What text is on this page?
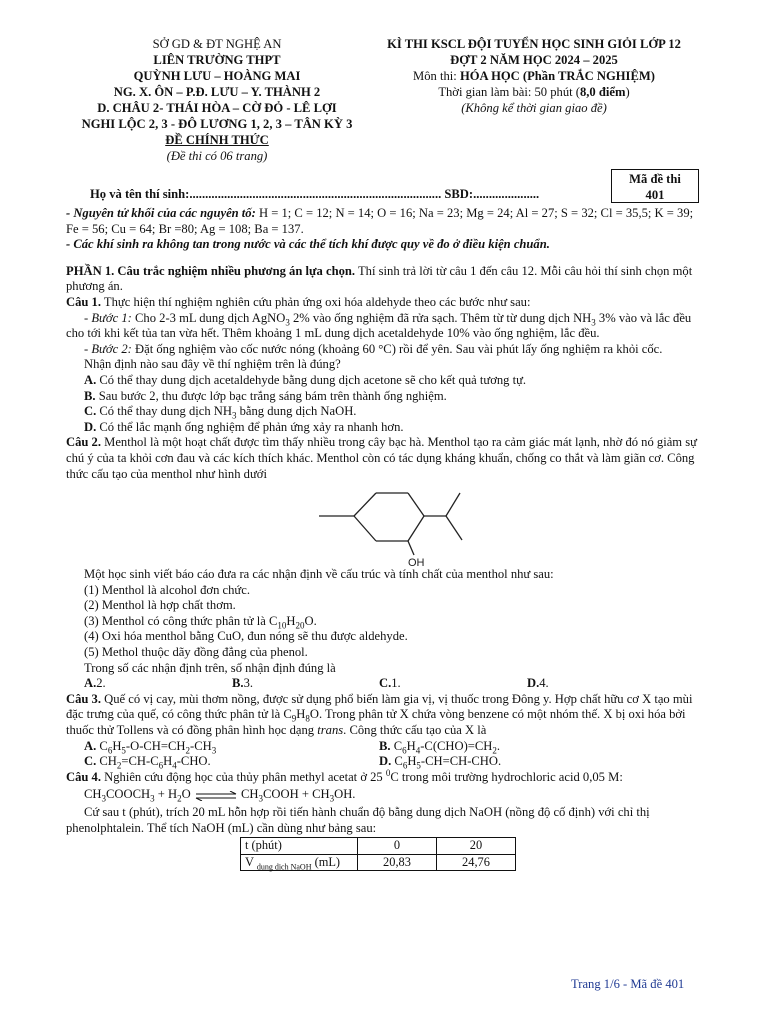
SỞ GD & ĐT NGHỆ AN
LIÊN TRƯỜNG THPT
QUỲNH LƯU – HOÀNG MAI
NG. X. ÔN – P.Đ. LƯU – Y. THÀNH 2
D. CHÂU 2- THÁI HÒA – CỜ ĐỎ - LÊ LỢI
NGHI LỘC 2, 3 - ĐÔ LƯƠNG 1, 2, 3 – TÂN KỲ 3
ĐỀ CHÍNH THỨC
(Đề thi có 06 trang)
KÌ THI KSCL ĐỘI TUYỂN HỌC SINH GIỎI LỚP 12
ĐỢT 2 NĂM HỌC 2024 – 2025
Môn thi: HÓA HỌC (Phần TRẮC NGHIỆM)
Thời gian làm bài: 50 phút (8,0 điểm)
(Không kể thời gian giao đề)
Mã đề thi
401
Họ và tên thí sinh:................................................................................ SBD:.....................

- Nguyên tử khối của các nguyên tố: H = 1; C = 12; N = 14; O = 16; Na = 23; Mg = 24; Al = 27; S = 32; Cl = 35,5; K = 39; Fe = 56; Cu = 64; Br =80; Ag = 108; Ba = 137.

- Các khí sinh ra không tan trong nước và các thể tích khí được quy về đo ở điều kiện chuẩn.

PHẦN 1. Câu trắc nghiệm nhiều phương án lựa chọn. Thí sinh trả lời từ câu 1 đến câu 12. Mỗi câu hỏi thí sinh chọn một phương án.

Câu 1. Thực hiện thí nghiệm nghiên cứu phản ứng oxi hóa aldehyde theo các bước như sau:

- Bước 1: Cho 2-3 mL dung dịch AgNO$_3$ 2% vào ống nghiệm đã rửa sạch. Thêm từ từ dung dịch $NH_3$ 3% vào và lắc đều cho tới khi kết tủa tan vừa hết. Thêm khoảng 1 mL dung dịch acetaldehyde 10% vào ống nghiệm, lắc đều.

- Bước 2: Đặt ống nghiệm vào cốc nước nóng (khoảng 60 °C) rồi để yên. Sau vài phút lấy ống nghiệm ra khỏi cốc.

Nhận định nào sau đây về thí nghiệm trên là đúng?

A. Có thể thay dung dịch acetaldehyde bằng dung dịch acetone sẽ cho kết quả tương tự.

B. Sau bước 2, thu được lớp bạc trắng sáng bám trên thành ống nghiệm.

C. Có thể thay dung dịch $NH_3$ bằng dung dịch NaOH.

D. Có thể lắc mạnh ống nghiệm để phản ứng xảy ra nhanh hơn.

Câu 2. Menthol là một hoạt chất được tìm thấy nhiều trong cây bạc hà. Menthol tạo ra cảm giác mát lạnh, nhờ đó nó giảm sự chú ý của ta khỏi cơn đau và các kích thích khác. Menthol còn có tác dụng kháng khuẩn, chống co thắt và làm giãn cơ. Công thức cấu tạo của menthol như hình dưới

OH

Một học sinh viết báo cáo đưa ra các nhận định về cấu trúc và tính chất của menthol như sau:

(1) Menthol là alcohol đơn chức.

(2) Menthol là hợp chất thơm.

(3) Menthol có công thức phân tử là $C_{10}H_{20}O$.

(4) Oxi hóa menthol bằng CuO, đun nóng sẽ thu được aldehyde.

(5) Methol thuộc dãy đồng đẳng của phenol.

Trong số các nhận định trên, số nhận định đúng là

A.2.	B.3.	C.1.	D.4.

Câu 3. Quế có vị cay, mùi thơm nồng, được sử dụng phổ biến làm gia vị, vị thuốc trong Đông y. Hợp chất hữu cơ X tạo mùi đặc trưng của quế, có công thức phân tử là $C_9H_8O$. Trong phân tử X chứa vòng benzene có một nhóm thế. X bị oxi hóa bởi thuốc thử Tollens và có đồng phân hình học dạng trans. Công thức cấu tạo của X là

A. $C_6H_5-O-CH=CH_2-CH_3$	B. $C_6H_4-C(CHO)=CH_2$.
C. $CH_2=CH-C_6H_4$-CHO.	D. $C_6H_5-CH=CH$-CHO.

Câu 4. Nghiên cứu động học của thủy phân methyl acetat ở 25 $^0$C trong môi trường hydrochloric acid 0,05 M:

$CH_3COOCH_3 + H_2O$ ⇌ $CH_3COOH + CH_3OH$.

Cứ sau t (phút), trích 20 mL hỗn hợp rồi tiến hành chuẩn độ bằng dung dịch NaOH (nồng độ cố định) với chỉ thị phenolphtalein. Thể tích NaOH (mL) cần dùng như bảng sau:

t (phút)	0	20
V $_{dung dịch NaOH}$ (mL)	20,83	24,76
Trang 1/6 - Mã đề 401
